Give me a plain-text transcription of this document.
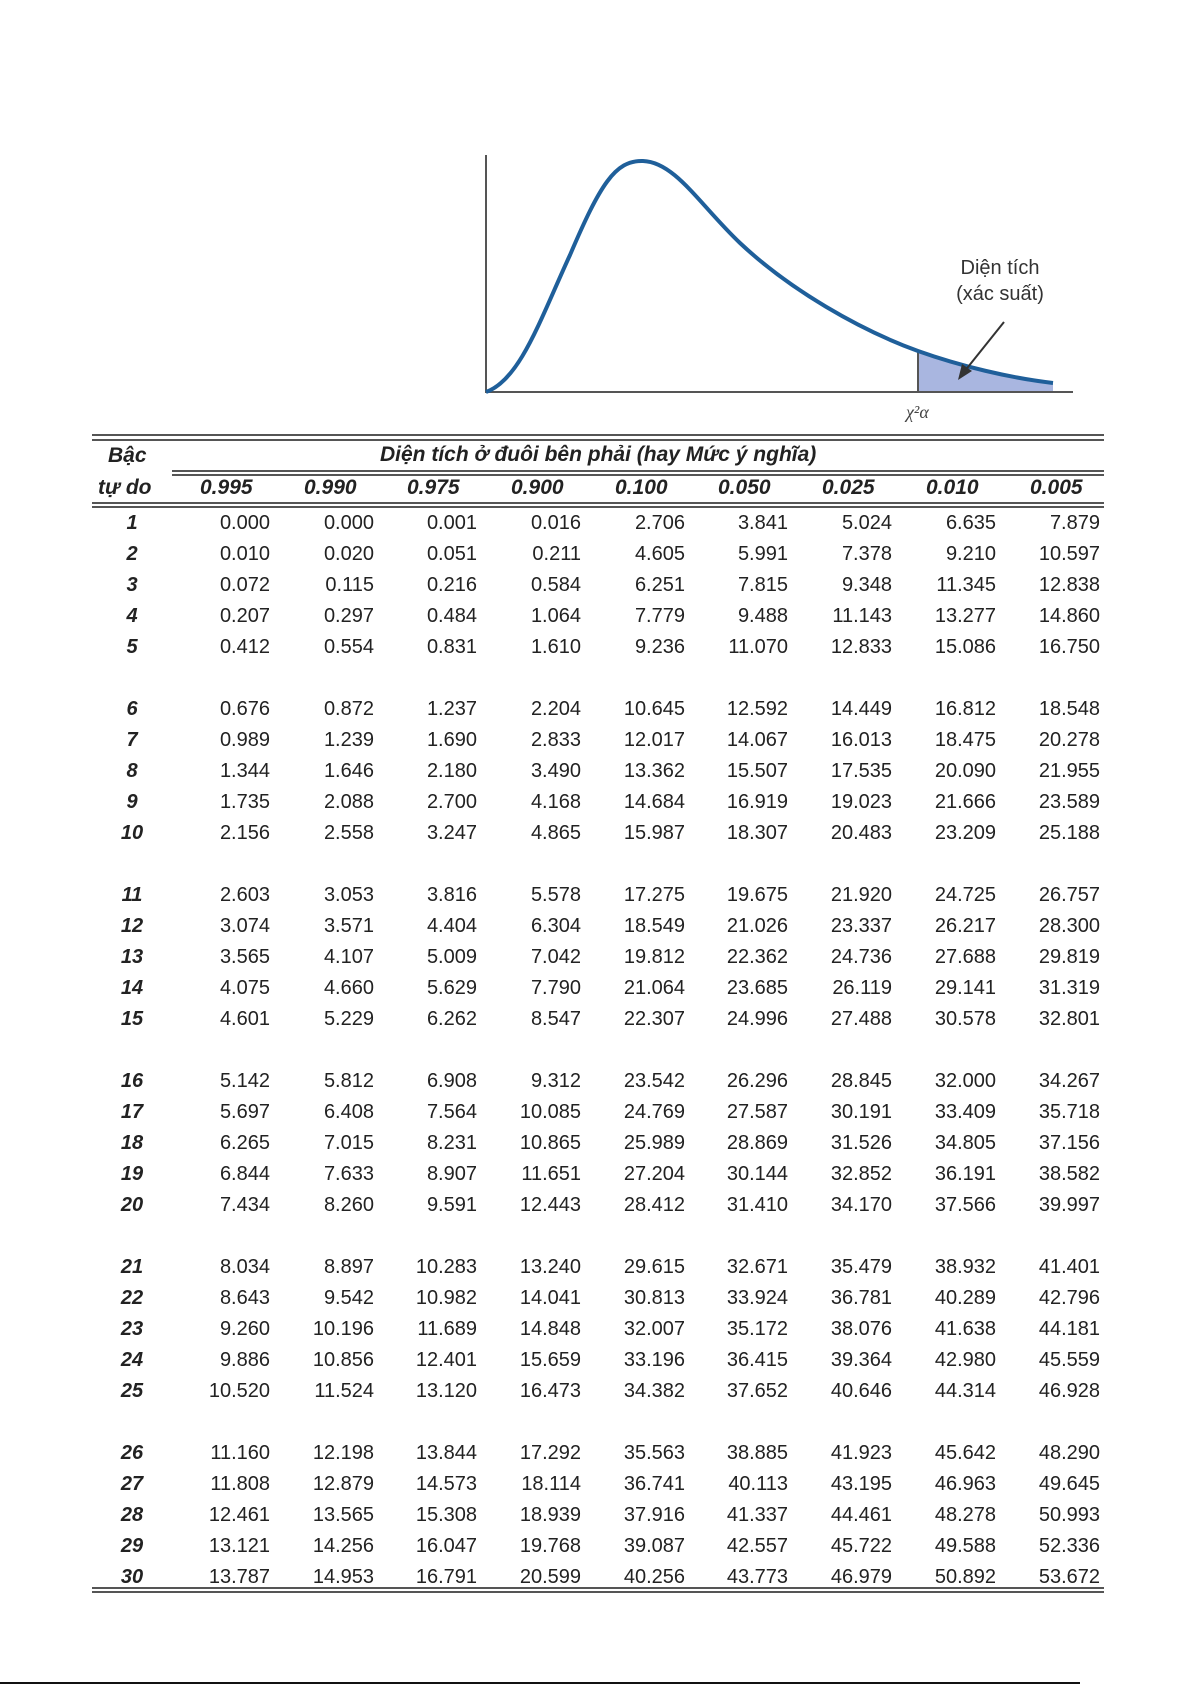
Diện tích
(xác suất)
χ²α
Bậc
tự do
Diện tích ở đuôi bên phải (hay Mức ý nghĩa)
0.995 0.990 0.975 0.900 0.100 0.050 0.025 0.010 0.005
1	0.000	0.000	0.001	0.016	2.706	3.841	5.024	6.635	7.879
2	0.010	0.020	0.051	0.211	4.605	5.991	7.378	9.210	10.597
3	0.072	0.115	0.216	0.584	6.251	7.815	9.348	11.345	12.838
4	0.207	0.297	0.484	1.064	7.779	9.488	11.143	13.277	14.860
5	0.412	0.554	0.831	1.610	9.236	11.070	12.833	15.086	16.750
6	0.676	0.872	1.237	2.204	10.645	12.592	14.449	16.812	18.548
7	0.989	1.239	1.690	2.833	12.017	14.067	16.013	18.475	20.278
8	1.344	1.646	2.180	3.490	13.362	15.507	17.535	20.090	21.955
9	1.735	2.088	2.700	4.168	14.684	16.919	19.023	21.666	23.589
10	2.156	2.558	3.247	4.865	15.987	18.307	20.483	23.209	25.188
11	2.603	3.053	3.816	5.578	17.275	19.675	21.920	24.725	26.757
12	3.074	3.571	4.404	6.304	18.549	21.026	23.337	26.217	28.300
13	3.565	4.107	5.009	7.042	19.812	22.362	24.736	27.688	29.819
14	4.075	4.660	5.629	7.790	21.064	23.685	26.119	29.141	31.319
15	4.601	5.229	6.262	8.547	22.307	24.996	27.488	30.578	32.801
16	5.142	5.812	6.908	9.312	23.542	26.296	28.845	32.000	34.267
17	5.697	6.408	7.564	10.085	24.769	27.587	30.191	33.409	35.718
18	6.265	7.015	8.231	10.865	25.989	28.869	31.526	34.805	37.156
19	6.844	7.633	8.907	11.651	27.204	30.144	32.852	36.191	38.582
20	7.434	8.260	9.591	12.443	28.412	31.410	34.170	37.566	39.997
21	8.034	8.897	10.283	13.240	29.615	32.671	35.479	38.932	41.401
22	8.643	9.542	10.982	14.041	30.813	33.924	36.781	40.289	42.796
23	9.260	10.196	11.689	14.848	32.007	35.172	38.076	41.638	44.181
24	9.886	10.856	12.401	15.659	33.196	36.415	39.364	42.980	45.559
25	10.520	11.524	13.120	16.473	34.382	37.652	40.646	44.314	46.928
26	11.160	12.198	13.844	17.292	35.563	38.885	41.923	45.642	48.290
27	11.808	12.879	14.573	18.114	36.741	40.113	43.195	46.963	49.645
28	12.461	13.565	15.308	18.939	37.916	41.337	44.461	48.278	50.993
29	13.121	14.256	16.047	19.768	39.087	42.557	45.722	49.588	52.336
30	13.787	14.953	16.791	20.599	40.256	43.773	46.979	50.892	53.672
